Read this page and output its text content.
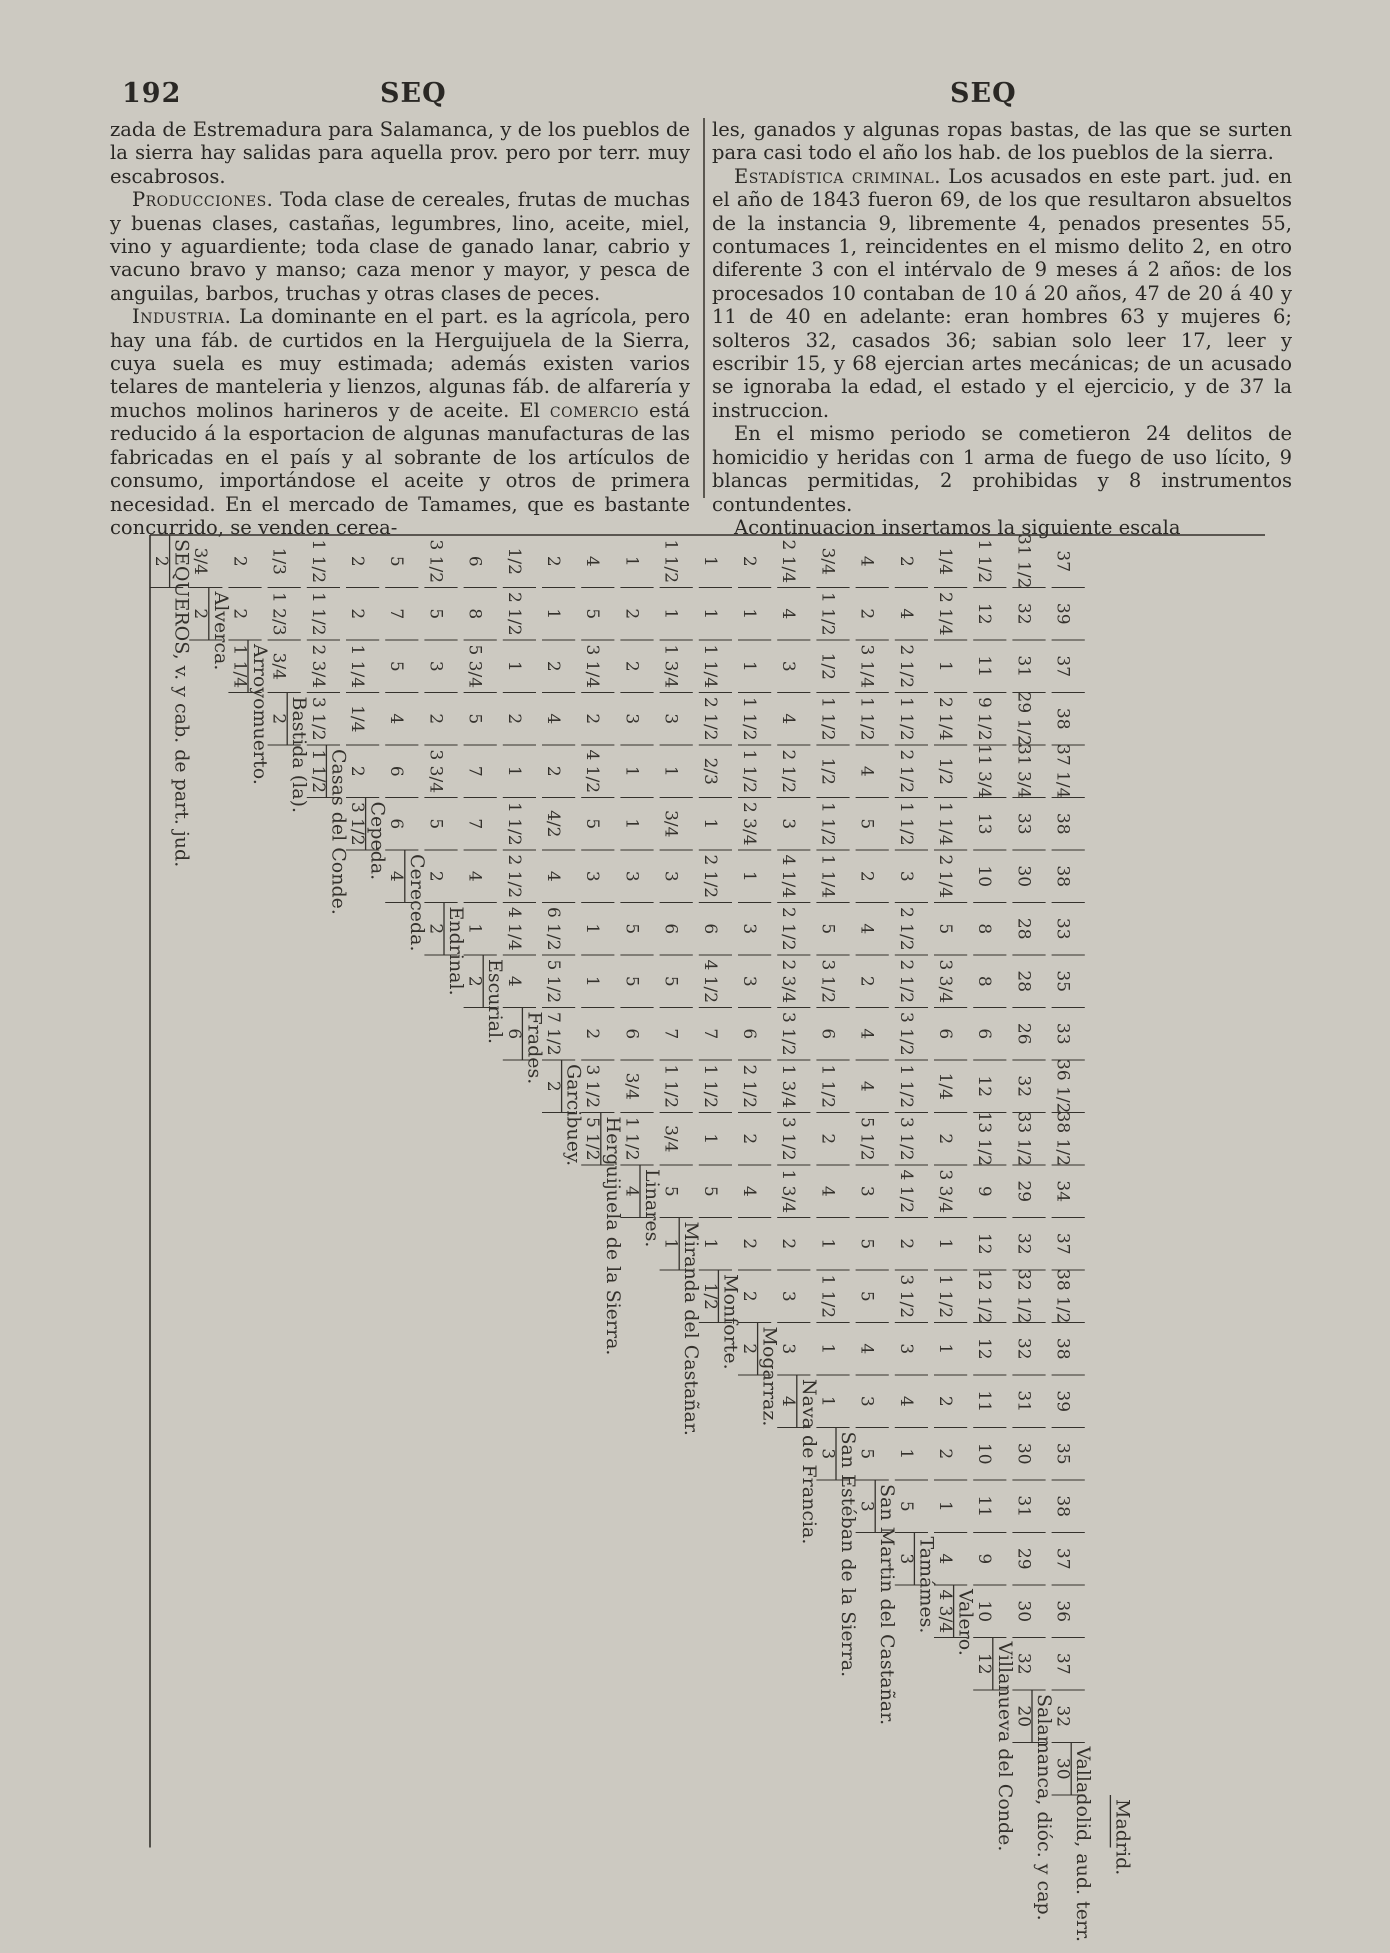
192	SEQ	SEQ

zada de Estremadura para Salamanca, y de los pueblos de la sierra hay salidas para aquella prov. pero por terr. muy escabrosos.

Producciones. Toda clase de cereales, frutas de muchas y buenas clases, castañas, legumbres, lino, aceite, miel, vino y aguardiente; toda clase de ganado lanar, cabrio y vacuno bravo y manso; caza menor y mayor, y pesca de anguilas, barbos, truchas y otras clases de peces.

Industria. La dominante en el part. es la agrícola, pero hay una fáb. de curtidos en la Herguijuela de la Sierra, cuya suela es muy estimada; además existen varios telares de manteleria y lienzos, algunas fáb. de alfarería y muchos molinos harineros y de aceite. El comercio está reducido á la esportacion de algunas manufacturas de las fabricadas en el país y al sobrante de los artículos de consumo, importándose el aceite y otros de primera necesidad. En el mercado de Tamames, que es bastante concurrido, se venden cerea-

les, ganados y algunas ropas bastas, de las que se surten para casi todo el año los hab. de los pueblos de la sierra.

Estadística criminal. Los acusados en este part. jud. en el año de 1843 fueron 69, de los que resultaron absueltos de la instancia 9, libremente 4, penados presentes 55, contumaces 1, reincidentes en el mismo delito 2, en otro diferente 3 con el intérvalo de 9 meses á 2 años: de los procesados 10 contaban de 10 á 20 años, 47 de 20 á 40 y 11 de 40 en adelante: eran hombres 63 y mujeres 6; solteros 32, casados 36; sabian solo leer 17, leer y escribir 15, y 68 ejercian artes mecánicas; de un acusado se ignoraba la edad, el estado y el ejercicio, y de 37 la instruccion.

En el mismo periodo se cometieron 24 delitos de homicidio y heridas con 1 arma de fuego de uso lícito, 9 blancas permitidas, 2 prohibidas y 8 instrumentos contundentes.

Acontinuacion insertamos la siguiente escala

SEQUEROS, v. y cab. de part. jud. Alverca.
Arroyomuerto. Bastida (la). Casas del Conde. Cepeda.
Cereceda. Endrinal.
Escurial.
Frades.
Garcibuey.
Herguijuela de la Sierra. Linares.
Miranda del Castañar. Monforte.
Mogarraz.
Nava de Francia. San Estéban de la Sierra. San Martin del Castañar. Tamámes. Valero.
Villanueva del Conde. Salamanca, dióc. y cap. Valladolid, aud. terr. Madrid.
2 3/4
2
2
2
1 1/4
1/3
1 2/3
3/4
2
1 1/2
1 1/2
2 3/4
3 1/2
1 1/2
2
2
1 1/4
1/4
2
3 1/2
5
7
5
4
6
6
4
3 1/2
5
3
2
3 3/4
5
2
2
6
8
5 3/4
5
7
7
4
1
2
1/2
2 1/2
1
2
1
1 1/2
2 1/2
4 1/4
4
6
2
1
2
4
2
4/2
4
6 1/2
5 1/2
7 1/2
2
4
5
3 1/4
2
4 1/2
5
3
1
1
2
3 1/2
5 1/2
1
2
2
3
1
1
3
5
5
6
3/4
1 1/2
4
1 1/2
1
1 3/4
3
1
3/4
3
6
5
7
1 1/2
3/4
5
1
1
1
1 1/4
2 1/2
2/3
1
2 1/2
6
4 1/2
7
1 1/2
1
5
1
1/2
2
1
1
1 1/2
1 1/2
2 3/4
1
3
3
6
2 1/2
2
4
2
2
2
2 1/4
4
3
4
2 1/2
3
4 1/4
2 1/2
2 3/4
3 1/2
1 3/4
3 1/2
1 3/4
2
3
3
4
3/4
1 1/2
1/2
1 1/2
1/2
1 1/2
1 1/4
5
3 1/2
6
1 1/2
2
4
1
1 1/2
1
1
3
4
2
3 1/4
1 1/2
4
5
2
4
2
4
4
5 1/2
3
5
5
4
3
5
3
2
4
2 1/2
1 1/2
2 1/2
1 1/2
3
2 1/2
2 1/2
3 1/2
1 1/2
3 1/2
4 1/2
2
3 1/2
3
4
1
5
3
1/4
2 1/4
1
2 1/4
1/2
1 1/4
2 1/4
5
3 3/4
6
1/4
2
3 3/4
1
1 1/2
1
2
2
1
4
4 3/4
1 1/2
12
11
9 1/2
11 3/4
13
10
8
8
6
12
13 1/2
9
12
12 1/2
12
11
10
11
9
10
12
31 1/2
32
31
29 1/2
31 3/4
33
30
28
28
26
32
33 1/2
29
32
32 1/2
32
31
30
31
29
30
32
20
37
39
37
38
37 1/4
38
38
33
35
33
36 1/2
38 1/2
34
37
38 1/2
38
39
35
38
37
36
37
32
30
